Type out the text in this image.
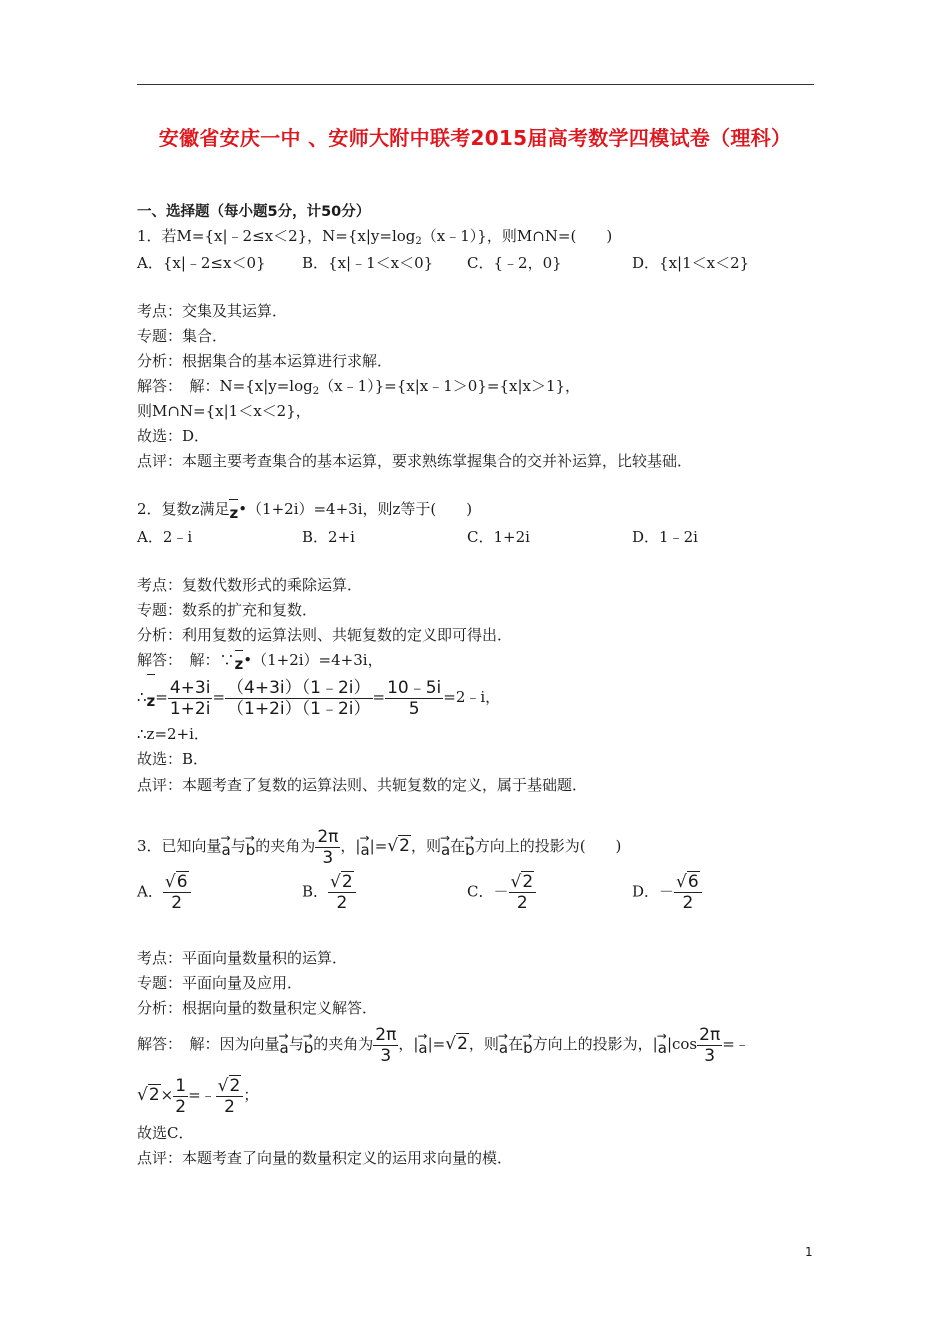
安徽省安庆一中 、安师大附中联考2015届高考数学四模试卷（理科）
一、选择题（每小题5分，计50分）
1．若M={x|﹣2≤x＜2}，$N=\{x|y=\log_2(x﹣1)\}$，则M∩N=(　　)
A．{x|﹣2≤x＜0} B．{x|﹣1＜x＜0} C．{﹣2，0}	D．{x|1＜x＜2}
考点：交集及其运算．
专题：集合．
分析：根据集合的基本运算进行求解．
解答：　解：$N=\{x|y=\log_2(x﹣1)\}=\{x|x﹣1>0\}=\{x|x>1\}$，
则M∩N={x|1＜x＜2}，
故选：D．
点评：本题主要考查集合的基本运算，要求熟练掌握集合的交并补运算，比较基础．
2．复数z满足z•（1+2i）=4+3i，则z等于(　　)
A．2﹣i	B．2+i	C．1+2i	D．1﹣2i
考点：复数代数形式的乘除运算．
专题：数系的扩充和复数．
分析：利用复数的运算法则、共轭复数的定义即可得出．
解答：　解：∵z•（1+2i）=4+3i，
∴z= $\frac{4+3i}{1+2i} = \frac{(4+3i)(1﹣2i)}{(1+2i)(1﹣2i)} = \frac{10﹣5i}{5}$ =2﹣i，
∴z=2+i．
故选：B．
点评：本题考查了复数的运算法则、共轭复数的定义，属于基础题．
3．已知向量→ a与→ b的夹角为 $\frac{2\pi}{3}$ ，|→ a|=√2，则→ a在→ b方向上的投影为(　　)
A． $\frac{√6}{2}$	B． $\frac{√2}{2}$	C．－ $\frac{√2}{2}$	D．－ $\frac{√6}{2}$
考点：平面向量数量积的运算．
专题：平面向量及应用．
分析：根据向量的数量积定义解答．
解答：　解：因为向量→ a与→ b的夹角为 $\frac{2\pi}{3}$ ，|→ a|=√2，则→ a在→ b方向上的投影为，|→ $a|\cos \frac{2\pi}{3}$ =﹣
$√2\times \frac{1}{2}$ =﹣ $\frac{√2}{2}$ ；
故选C．
点评：本题考查了向量的数量积定义的运用求向量的模．
1
